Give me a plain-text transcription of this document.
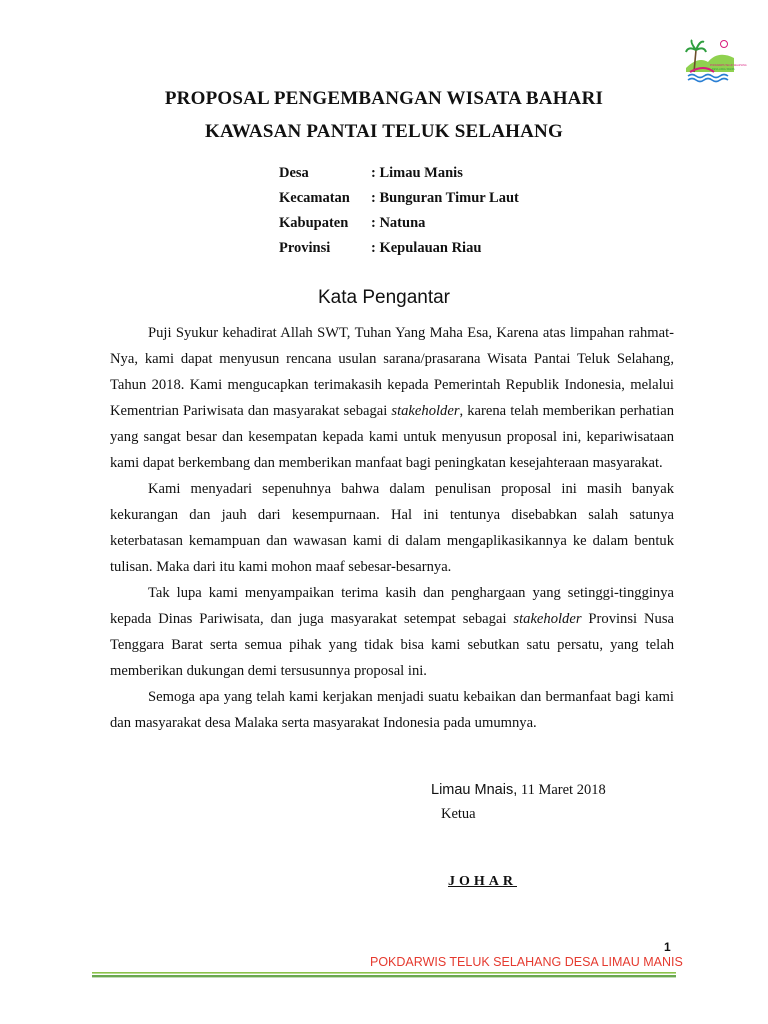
POKDARWIS TELUK SELAHANG
DESA LIMAU MANIS
PROPOSAL PENGEMBANGAN WISATA BAHARI
KAWASAN PANTAI TELUK SELAHANG
Desa	: Limau Manis
Kecamatan	: Bunguran Timur Laut
Kabupaten	: Natuna
Provinsi	: Kepulauan Riau
Kata Pengantar

Puji Syukur kehadirat Allah SWT, Tuhan Yang Maha Esa, Karena atas limpahan rahmat- Nya, kami dapat menyusun rencana usulan sarana/prasarana Wisata Pantai Teluk Selahang, Tahun 2018. Kami mengucapkan terimakasih kepada Pemerintah Republik Indonesia, melalui Kementrian Pariwisata dan masyarakat sebagai stakeholder, karena telah memberikan perhatian yang sangat besar dan kesempatan kepada kami untuk menyusun proposal ini, kepariwisataan kami dapat berkembang dan memberikan manfaat bagi peningkatan kesejahteraan masyarakat.

Kami menyadari sepenuhnya bahwa dalam penulisan proposal ini masih banyak kekurangan dan jauh dari kesempurnaan. Hal ini tentunya disebabkan salah satunya keterbatasan kemampuan dan wawasan kami di dalam mengaplikasikannya ke dalam bentuk tulisan. Maka dari itu kami mohon maaf sebesar-besarnya.

Tak lupa kami menyampaikan terima kasih dan penghargaan yang setinggi-tingginya kepada Dinas Pariwisata, dan juga masyarakat setempat sebagai stakeholder Provinsi Nusa Tenggara Barat serta semua pihak yang tidak bisa kami sebutkan satu persatu, yang telah memberikan dukungan demi tersusunnya proposal ini.

Semoga apa yang telah kami kerjakan menjadi suatu kebaikan dan bermanfaat bagi kami dan masyarakat desa Malaka serta masyarakat Indonesia pada umumnya.

Limau Mnais, 11 Maret 2018
Ketua
JOHAR
1
POKDARWIS TELUK SELAHANG DESA LIMAU MANIS
